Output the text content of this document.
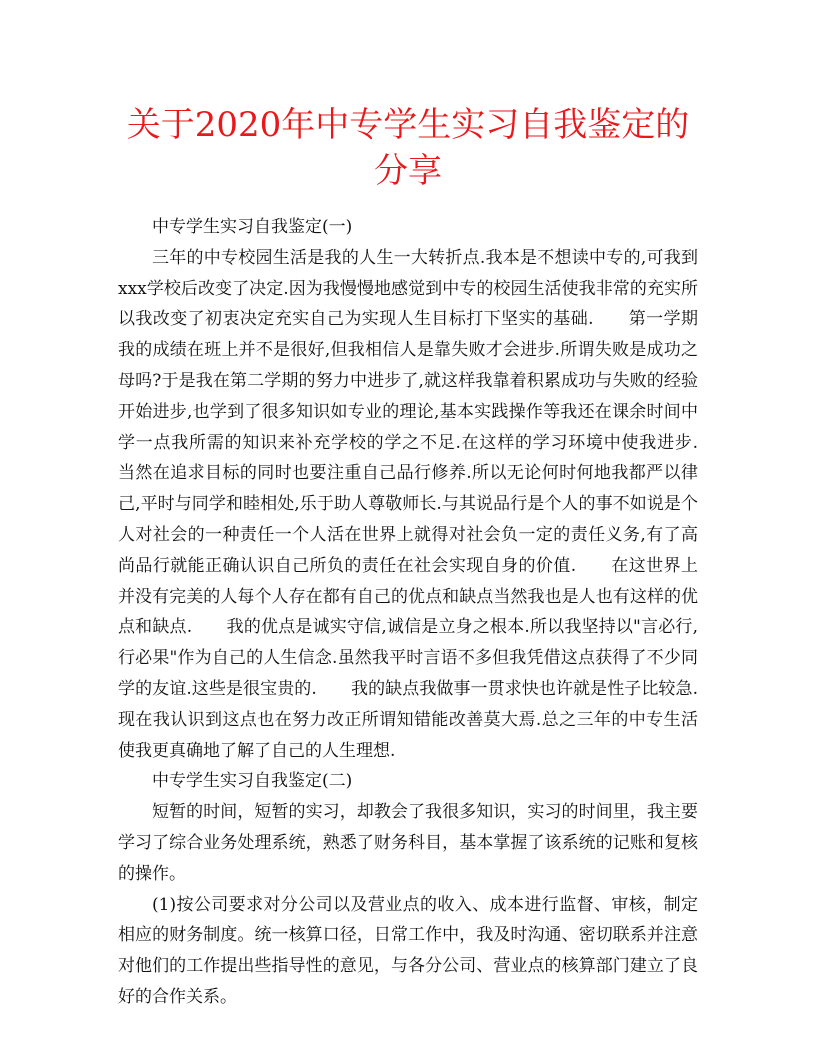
关于2020年中专学生实习自我鉴定的分享

中专学生实习自我鉴定(一)

三年的中专校园生活是我的人生一大转折点.我本是不想读中专的,可我到xxx学校后改变了决定.因为我慢慢地感觉到中专的校园生活使我非常的充实所以我改变了初衷决定充实自己为实现人生目标打下坚实的基础.　　第一学期我的成绩在班上并不是很好,但我相信人是靠失败才会进步.所谓失败是成功之母吗?于是我在第二学期的努力中进步了,就这样我靠着积累成功与失败的经验开始进步,也学到了很多知识如专业的理论,基本实践操作等我还在课余时间中学一点我所需的知识来补充学校的学之不足.在这样的学习环境中使我进步.　　当然在追求目标的同时也要注重自己品行修养.所以无论何时何地我都严以律己,平时与同学和睦相处,乐于助人尊敬师长.与其说品行是个人的事不如说是个人对社会的一种责任一个人活在世界上就得对社会负一定的责任义务,有了高尚品行就能正确认识自己所负的责任在社会实现自身的价值.　　在这世界上并没有完美的人每个人存在都有自己的优点和缺点当然我也是人也有这样的优点和缺点.　　我的优点是诚实守信,诚信是立身之根本.所以我坚持以"言必行,行必果"作为自己的人生信念.虽然我平时言语不多但我凭借这点获得了不少同学的友谊.这些是很宝贵的.　　我的缺点我做事一贯求快也许就是性子比较急.现在我认识到这点也在努力改正所谓知错能改善莫大焉.总之三年的中专生活使我更真确地了解了自己的人生理想.

中专学生实习自我鉴定(二)

短暂的时间，短暂的实习，却教会了我很多知识，实习的时间里，我主要学习了综合业务处理系统，熟悉了财务科目，基本掌握了该系统的记账和复核的操作。

(1)按公司要求对分公司以及营业点的收入、成本进行监督、审核，制定相应的财务制度。统一核算口径，日常工作中，我及时沟通、密切联系并注意对他们的工作提出些指导性的意见，与各分公司、营业点的核算部门建立了良好的合作关系。
